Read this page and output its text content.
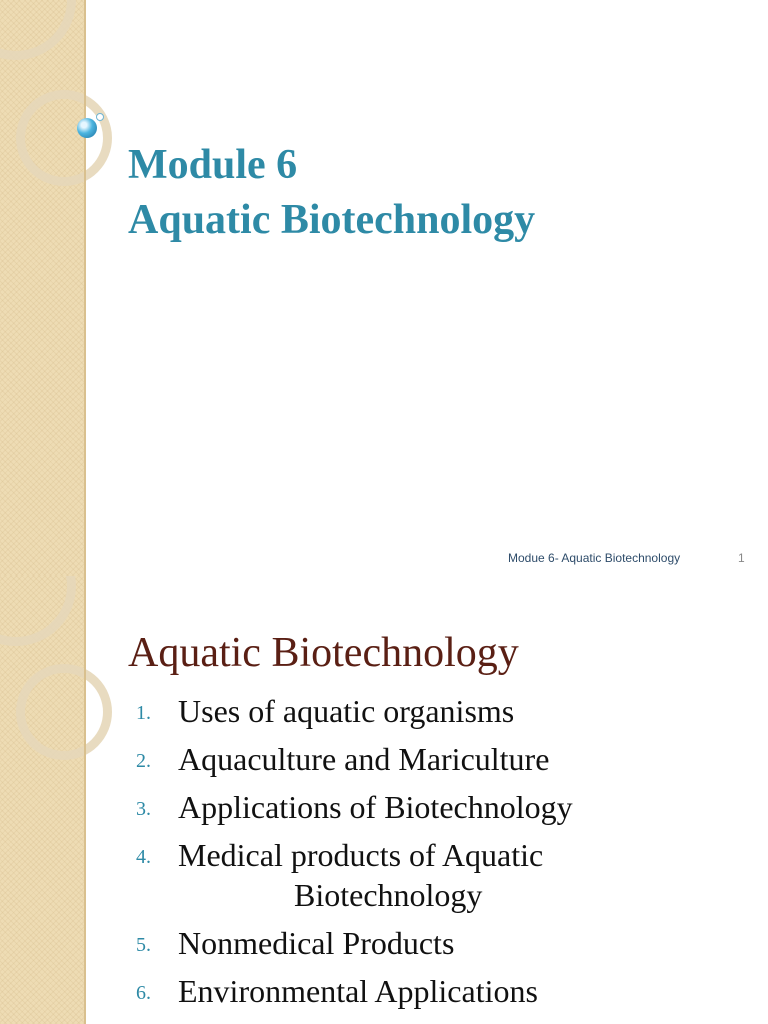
Module 6
Aquatic Biotechnology
Modue 6- Aquatic Biotechnology	1
Aquatic Biotechnology
1. Uses of aquatic organisms
2. Aquaculture and Mariculture
3. Applications of Biotechnology
4. Medical products of Aquatic
Biotechnology
5. Nonmedical Products
6. Environmental Applications
